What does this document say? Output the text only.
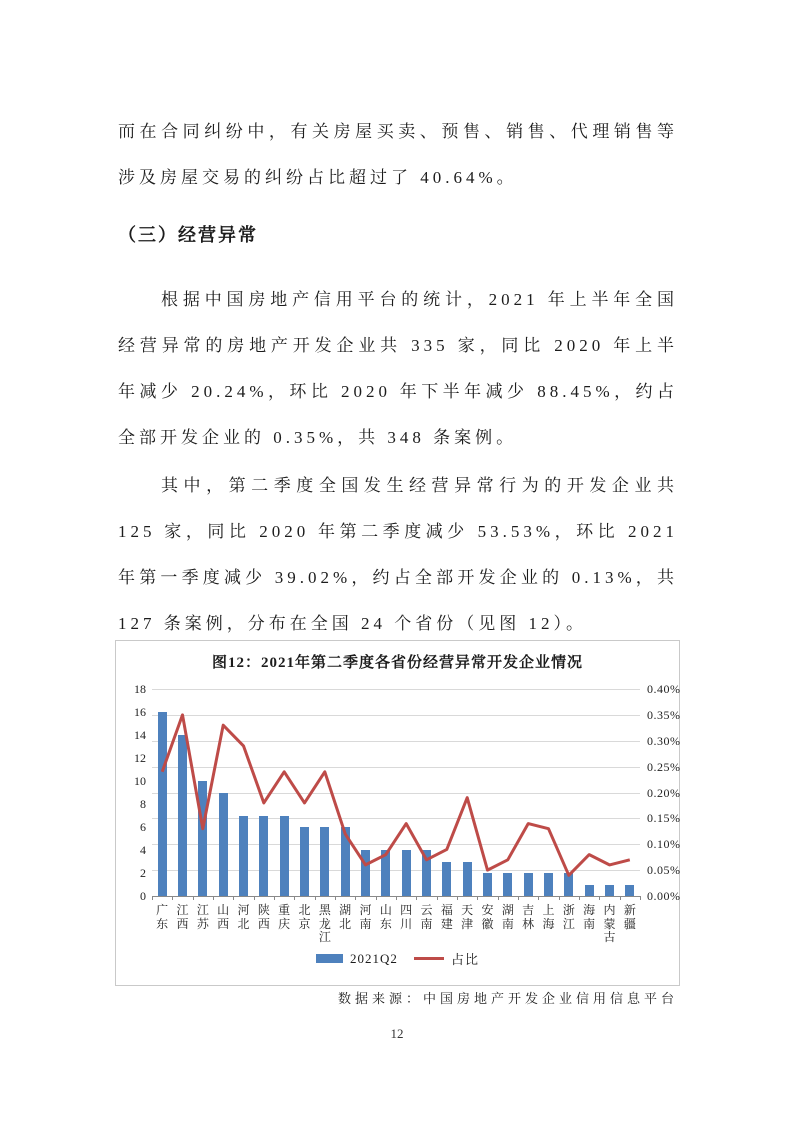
而在合同纠纷中，有关房屋买卖、预售、销售、代理销售等涉及房屋交易的纠纷占比超过了 40.64%。

（三）经营异常

根据中国房地产信用平台的统计，2021 年上半年全国经营异常的房地产开发企业共 335 家，同比 2020 年上半年减少 20.24%，环比 2020 年下半年减少 88.45%，约占全部开发企业的 0.35%，共 348 条案例。

其中，第二季度全国发生经营异常行为的开发企业共 125 家，同比 2020 年第二季度减少 53.53%，环比 2021 年第一季度减少 39.02%，约占全部开发企业的 0.13%，共 127 条案例，分布在全国 24 个省份（见图 12）。

图12：2021年第二季度各省份经营异常开发企业情况
2021Q2	占比
0.40%
0.35%
0.30%
0.25%
0.20%
0.15%
0.10%
0.05%
0.00%
18
16
14
12
10
8
6
4
2
0
广东
江西
江苏
山西
河北
陕西
重庆
北京
黑龙江
湖北
河南
山东
四川
云南
福建
天津
安徽
湖南
吉林
上海
浙江
海南
内蒙古
新疆
数据来源：中国房地产开发企业信用信息平台
12
